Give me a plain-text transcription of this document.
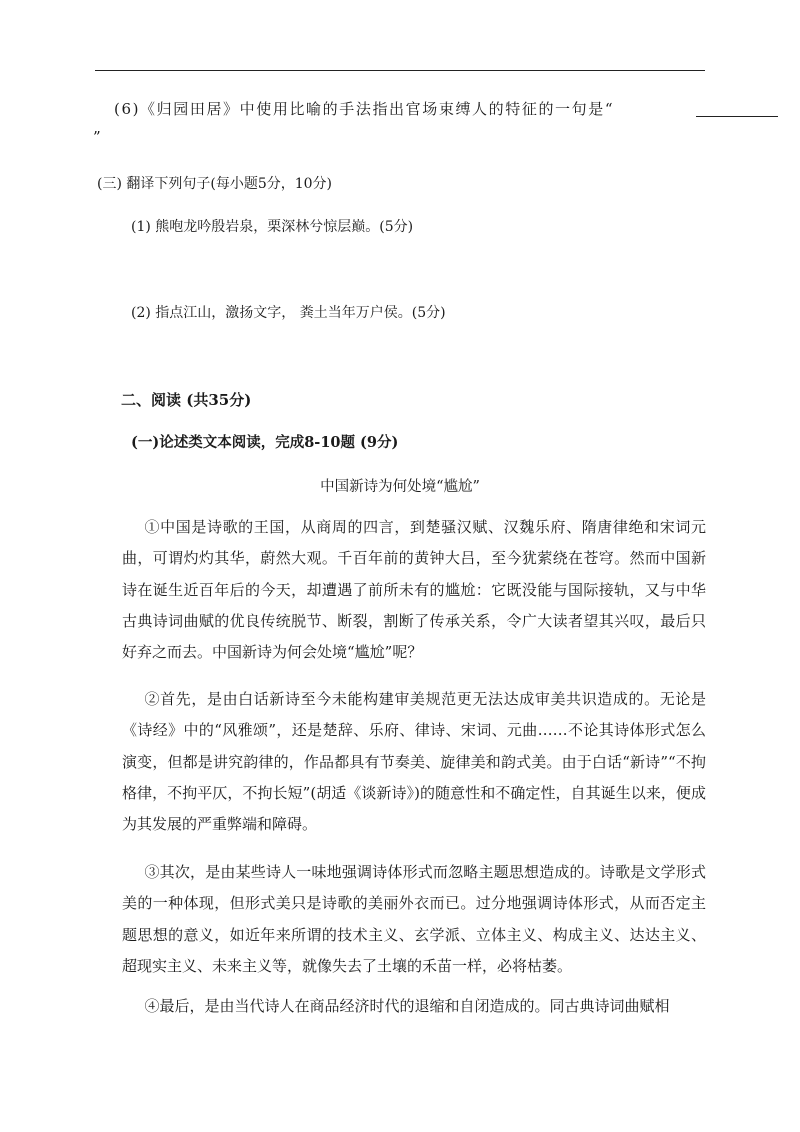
(6)《归园田居》中使用比喻的手法指出官场束缚人的特征的一句是“
”
(三) 翻译下列句子(每小题5分，10分)
(1) 熊咆龙吟殷岩泉，栗深林兮惊层巅。(5分)
(2) 指点江山，激扬文字， 粪土当年万户侯。(5分)
二、阅读 (共35分)
(一)论述类文本阅读，完成8-10题 (9分)
中国新诗为何处境“尴尬”

①中国是诗歌的王国，从商周的四言，到楚骚汉赋、汉魏乐府、隋唐律绝和宋词元曲，可谓灼灼其华，蔚然大观。千百年前的黄钟大吕，至今犹萦绕在苍穹。然而中国新诗在诞生近百年后的今天，却遭遇了前所未有的尴尬：它既没能与国际接轨，又与中华古典诗词曲赋的优良传统脱节、断裂，割断了传承关系，令广大读者望其兴叹，最后只好弃之而去。中国新诗为何会处境“尴尬”呢？

②首先，是由白话新诗至今未能构建审美规范更无法达成审美共识造成的。无论是《诗经》中的“风雅颂”，还是楚辞、乐府、律诗、宋词、元曲……不论其诗体形式怎么演变，但都是讲究韵律的，作品都具有节奏美、旋律美和韵式美。由于白话“新诗”“不拘格律，不拘平仄，不拘长短”(胡适《谈新诗》)的随意性和不确定性，自其诞生以来，便成为其发展的严重弊端和障碍。

③其次，是由某些诗人一味地强调诗体形式而忽略主题思想造成的。诗歌是文学形式美的一种体现，但形式美只是诗歌的美丽外衣而已。过分地强调诗体形式，从而否定主题思想的意义，如近年来所谓的技术主义、玄学派、立体主义、构成主义、达达主义、超现实主义、未来主义等，就像失去了土壤的禾苗一样，必将枯萎。

④最后，是由当代诗人在商品经济时代的退缩和自闭造成的。同古典诗词曲赋相
